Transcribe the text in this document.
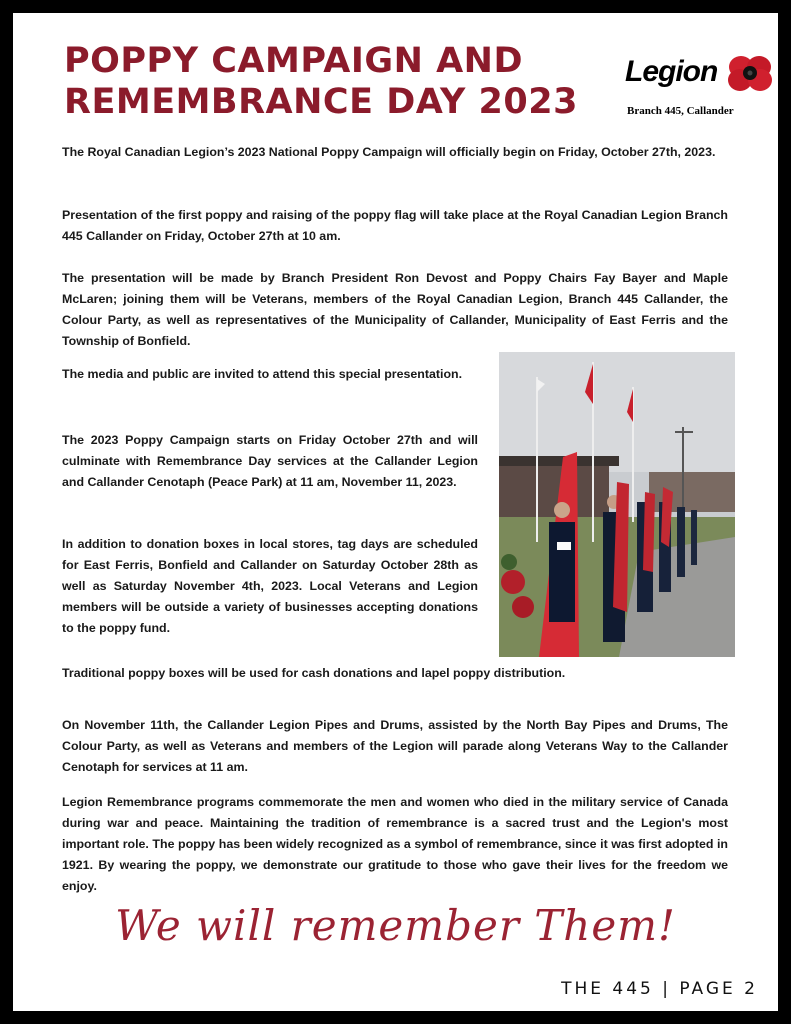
POPPY CAMPAIGN AND
REMEMBRANCE DAY 2023
Legion
Branch 445, Callander

The Royal Canadian Legion’s 2023 National Poppy Campaign will officially begin on Friday, October 27th, 2023.

Presentation of the first poppy and raising of the poppy flag will take place at the Royal Canadian Legion Branch 445 Callander on Friday, October 27th at 10 am.

The presentation will be made by Branch President Ron Devost and Poppy Chairs Fay Bayer and Maple McLaren; joining them will be Veterans, members of the Royal Canadian Legion, Branch 445 Callander, the Colour Party, as well as representatives of the Municipality of Callander, Municipality of East Ferris and the Township of Bonfield.

The media and public are invited to attend this special presentation.

The 2023 Poppy Campaign starts on Friday October 27th and will culminate with Remembrance Day services at the Callander Legion and Callander Cenotaph (Peace Park) at 11 am, November 11, 2023.

In addition to donation boxes in local stores, tag days are scheduled for East Ferris, Bonfield and Callander on Saturday October 28th as well as Saturday November 4th, 2023. Local Veterans and Legion members will be outside a variety of businesses accepting donations to the poppy fund.

Traditional poppy boxes will be used for cash donations and lapel poppy distribution.

On November 11th, the Callander Legion Pipes and Drums, assisted by the North Bay Pipes and Drums, The Colour Party, as well as Veterans and members of the Legion will parade along Veterans Way to the Callander Cenotaph for services at 11 am.

Legion Remembrance programs commemorate the men and women who died in the military service of Canada during war and peace. Maintaining the tradition of remembrance is a sacred trust and the Legion's most important role. The poppy has been widely recognized as a symbol of remembrance, since it was first adopted in 1921. By wearing the poppy, we demonstrate our gratitude to those who gave their lives for the freedom we enjoy.

We will remember Them!
THE 445 | PAGE 2
